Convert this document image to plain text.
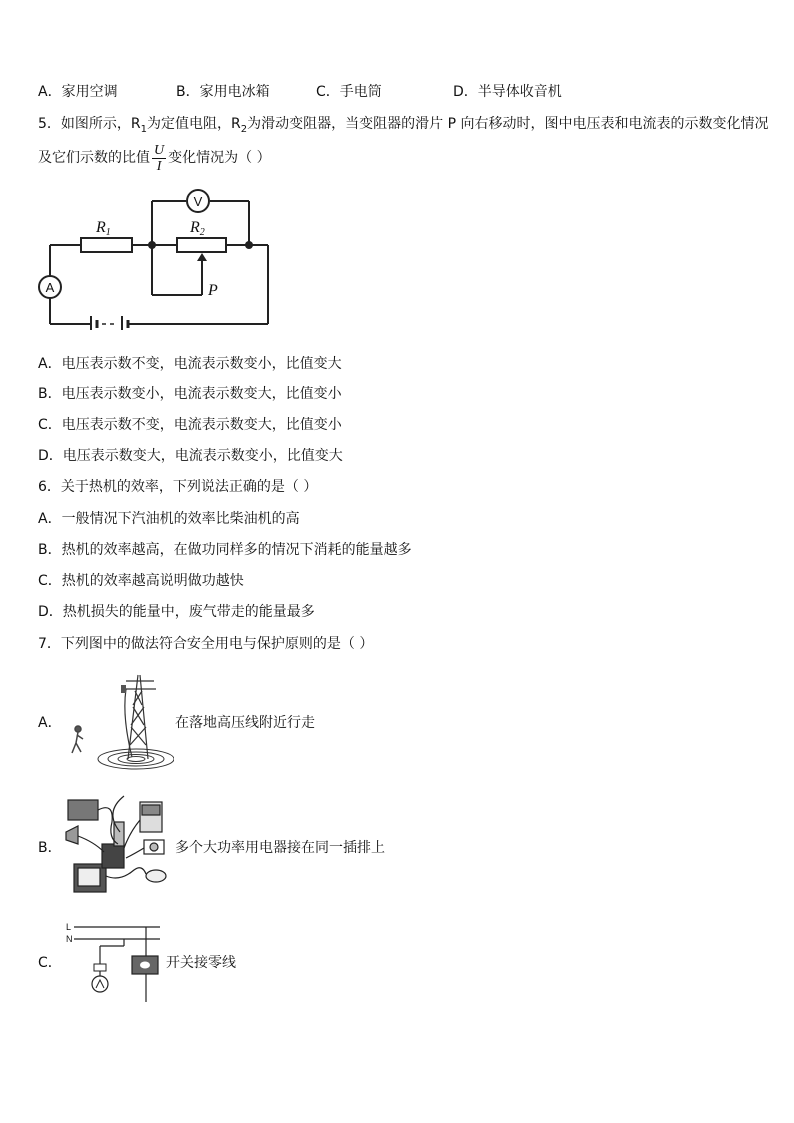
A．家用空调	B．家用电冰箱	C．手电筒	D．半导体收音机
5．如图所示，$R_1$为定值电阻，$R_2$为滑动变阻器，当变阻器的滑片 P 向右移动时，图中电压表和电流表的示数变化情况
及它们示数的比值 $\frac{U}{I}$ 变化情况为（ ）
V
A
R1	R2
P
A．电压表示数不变，电流表示数变小，比值变大
B．电压表示数变小，电流表示数变大，比值变小
C．电压表示数不变，电流表示数变大，比值变小
D．电压表示数变大，电流表示数变小，比值变大
6．关于热机的效率，下列说法正确的是（ ）
A．一般情况下汽油机的效率比柴油机的高
B．热机的效率越高，在做功同样多的情况下消耗的能量越多
C．热机的效率越高说明做功越快
D．热机损失的能量中，废气带走的能量最多
7．下列图中的做法符合安全用电与保护原则的是（ ）
A．	在落地高压线附近行走
B．	多个大功率用电器接在同一插排上
C．
L
N
开关接零线
